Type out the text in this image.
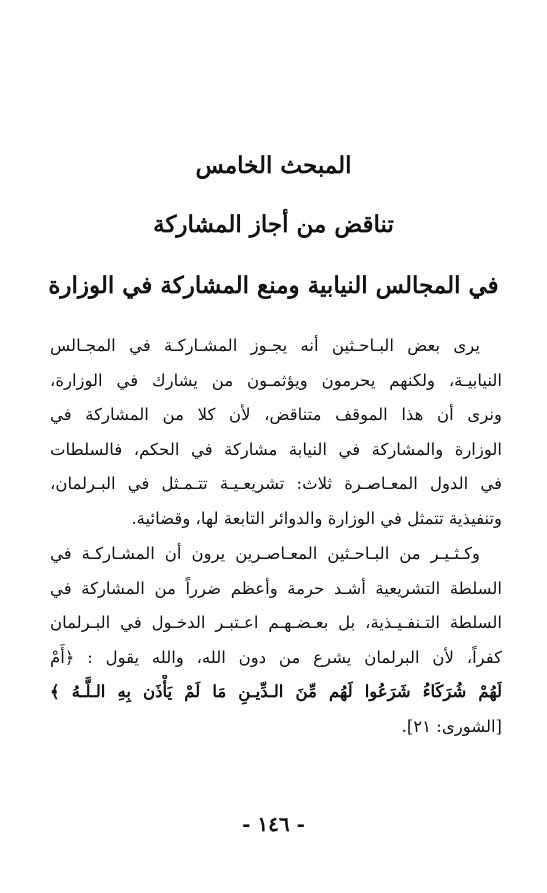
المبحث الخامس
تناقض من أجاز المشاركة
في المجالس النيابية ومنع المشاركة في الوزارة
يرى بعض البـاحـثين أنه يجـوز المشـاركـة في المجـالس
النيابيـة، ولكنهم يحرمون ويؤثمـون من يشارك في الوزارة،
ونرى أن هذا الموقف متناقض، لأن كلا من المشاركة في
الوزارة والمشاركة في النيابة مشاركة في الحكم، فالسلطات
في الدول المعـاصـرة ثلاث: تشريعـيـة تتـمـثل في البـرلمان،
وتنفيذية تتمثل في الوزارة والدوائر التابعة لها، وقضائية.
وكـثـيـر من البـاحـثين المعـاصـرين يرون أن المشـاركـة في
السلطة التشريعية أشـد حرمة وأعظم ضرراً من المشاركة في
السلطة التـنفـيـذية، بل بعـضـهـم اعـتبـر الدخـول في البـرلمان
كفراً، لأن البرلمان يشرع من دون الله، والله يقول : ﴿أَمْ
لَهُمْ شُرَكَاءُ شَرَعُوا لَهُم مِّنَ الـدِّيـنِ مَا لَمْ يَأْذَن بِهِ الـلَّـهُ ﴾
[الشورى: ٢١].
- ١٤٦ -
